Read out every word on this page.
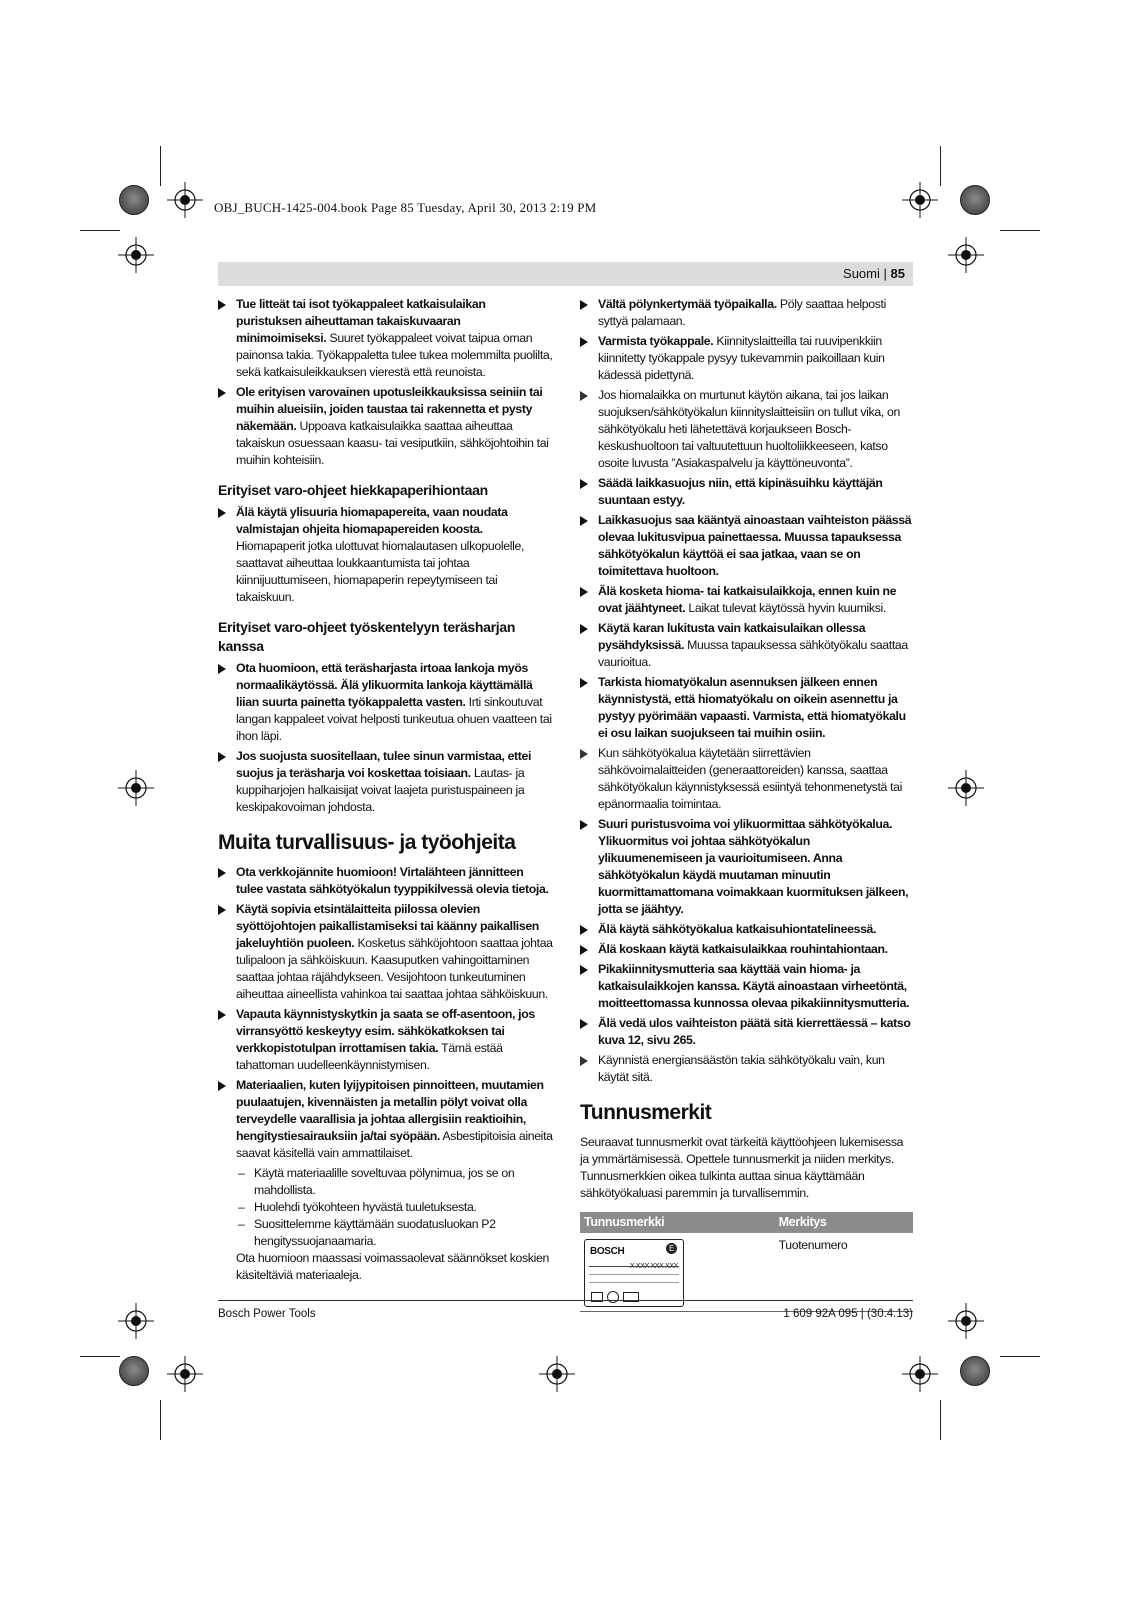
OBJ_BUCH-1425-004.book Page 85 Tuesday, April 30, 2013 2:19 PM
Suomi | 85
Tue litteät tai isot työkappaleet katkaisulaikan puristuksen aiheuttaman takaiskuvaaran minimoimiseksi. Suuret työkappaleet voivat taipua oman painonsa takia. Työkappaletta tulee tukea molemmilta puolilta, sekä katkaisuleikkauksen vierestä että reunoista.
Ole erityisen varovainen upotusleikkauksissa seiniin tai muihin alueisiin, joiden taustaa tai rakennetta et pysty näkemään. Uppoava katkaisulaikka saattaa aiheuttaa takaiskun osuessaan kaasu- tai vesiputkiin, sähköjohtoihin tai muihin kohteisiin.
Erityiset varo-ohjeet hiekkapaperihiontaan
Älä käytä ylisuuria hiomapapereita, vaan noudata valmistajan ohjeita hiomapapereiden koosta. Hiomapaperit jotka ulottuvat hiomalautasen ulkopuolelle, saattavat aiheuttaa loukkaantumista tai johtaa kiinnijuuttumiseen, hiomapaperin repeytymiseen tai takaiskuun.
Erityiset varo-ohjeet työskentelyyn teräsharjan kanssa
Ota huomioon, että teräsharjasta irtoaa lankoja myös normaalikäytössä. Älä ylikuormita lankoja käyttämällä liian suurta painetta työkappaletta vasten. Irti sinkoutuvat langan kappaleet voivat helposti tunkeutua ohuen vaatteen tai ihon läpi.
Jos suojusta suositellaan, tulee sinun varmistaa, ettei suojus ja teräsharja voi koskettaa toisiaan. Lautas- ja kuppiharjojen halkaisijat voivat laajeta puristuspaineen ja keskipakovoiman johdosta.
Muita turvallisuus- ja työohjeita
Ota verkkojännite huomioon! Virtalähteen jännitteen tulee vastata sähkötyökalun tyyppikilvessä olevia tietoja.
Käytä sopivia etsintälaitteita piilossa olevien syöttöjohtojen paikallistamiseksi tai käänny paikallisen jakeluyhtiön puoleen. Kosketus sähköjohtoon saattaa johtaa tulipaloon ja sähköiskuun. Kaasuputken vahingoittaminen saattaa johtaa räjähdykseen. Vesijohtoon tunkeutuminen aiheuttaa aineellista vahinkoa tai saattaa johtaa sähköiskuun.
Vapauta käynnistyskytkin ja saata se off-asentoon, jos virransyöttö keskeytyy esim. sähkökatkoksen tai verkkopistotulpan irrottamisen takia. Tämä estää tahattoman uudelleenkäynnistymisen.
Materiaalien, kuten lyijypitoisen pinnoitteen, muutamien puulaatujen, kivennäisten ja metallin pölyt voivat olla terveydelle vaarallisia ja johtaa allergisiin reaktioihin, hengitystiesairauksiin ja/tai syöpään. Asbestipitoisia aineita saavat käsitellä vain ammattilaiset.
– Käytä materiaalille soveltuvaa pölynimua, jos se on mahdollista.
– Huolehdi työkohteen hyvästä tuuletuksesta.
– Suosittelemme käyttämään suodatusluokan P2 hengityssuojanaamaria.
Ota huomioon maassasi voimassaolevat säännökset koskien käsiteltäviä materiaaleja.
Vältä pölynkertymää työpaikalla. Pöly saattaa helposti syttyä palamaan.
Varmista työkappale. Kiinnityslaitteilla tai ruuvipenkkiin kiinnitetty työkappale pysyy tukevammin paikoillaan kuin kädessä pidettynä.
Jos hiomalaikka on murtunut käytön aikana, tai jos laikan suojuksen/sähkötyökalun kiinnityslaitteisiin on tullut vika, on sähkötyökalu heti lähetettävä korjaukseen Bosch-keskushuoltoon tai valtuutettuun huoltoliikkeeseen, katso osoite luvusta ”Asiakaspalvelu ja käyttöneuvonta”.
Säädä laikkasuojus niin, että kipinäsuihku käyttäjän suuntaan estyy.
Laikkasuojus saa kääntyä ainoastaan vaihteiston päässä olevaa lukitusvipua painettaessa. Muussa tapauksessa sähkötyökalun käyttöä ei saa jatkaa, vaan se on toimitettava huoltoon.
Älä kosketa hioma- tai katkaisulaikkoja, ennen kuin ne ovat jäähtyneet. Laikat tulevat käytössä hyvin kuumiksi.
Käytä karan lukitusta vain katkaisulaikan ollessa pysähdyksissä. Muussa tapauksessa sähkötyökalu saattaa vaurioitua.
Tarkista hiomatyökalun asennuksen jälkeen ennen käynnistystä, että hiomatyökalu on oikein asennettu ja pystyy pyörimään vapaasti. Varmista, että hiomatyökalu ei osu laikan suojukseen tai muihin osiin.
Kun sähkötyökalua käytetään siirrettävien sähkövoimalaitteiden (generaattoreiden) kanssa, saattaa sähkötyökalun käynnistyksessä esiintyä tehonmenetystä tai epänormaalia toimintaa.
Suuri puristusvoima voi ylikuormittaa sähkötyökalua. Ylikuormitus voi johtaa sähkötyökalun ylikuumenemiseen ja vaurioitumiseen. Anna sähkötyökalun käydä muutaman minuutin kuormittamattomana voimakkaan kuormituksen jälkeen, jotta se jäähtyy.
Älä käytä sähkötyökalua katkaisuhiontatelineessä.
Älä koskaan käytä katkaisulaikkaa rouhintahiontaan.
Pikakiinnitysmutteria saa käyttää vain hioma- ja katkaisulaikkojen kanssa. Käytä ainoastaan virheetöntä, moitteettomassa kunnossa olevaa pikakiinnitysmutteria.
Älä vedä ulos vaihteiston päätä sitä kierrettäessä – katso kuva 12, sivu 265.
Käynnistä energiansäästön takia sähkötyökalu vain, kun käytät sitä.
Tunnusmerkit
Seuraavat tunnusmerkit ovat tärkeitä käyttöohjeen lukemisessa ja ymmärtämisessä. Opettele tunnusmerkit ja niiden merkitys. Tunnusmerkkien oikea tulkinta auttaa sinua käyttämään sähkötyökaluasi paremmin ja turvallisemmin.
Tunnusmerkki	Merkitys

BOSCH E	Tuotenumero
Bosch Power Tools	1 609 92A 095 | (30.4.13)
